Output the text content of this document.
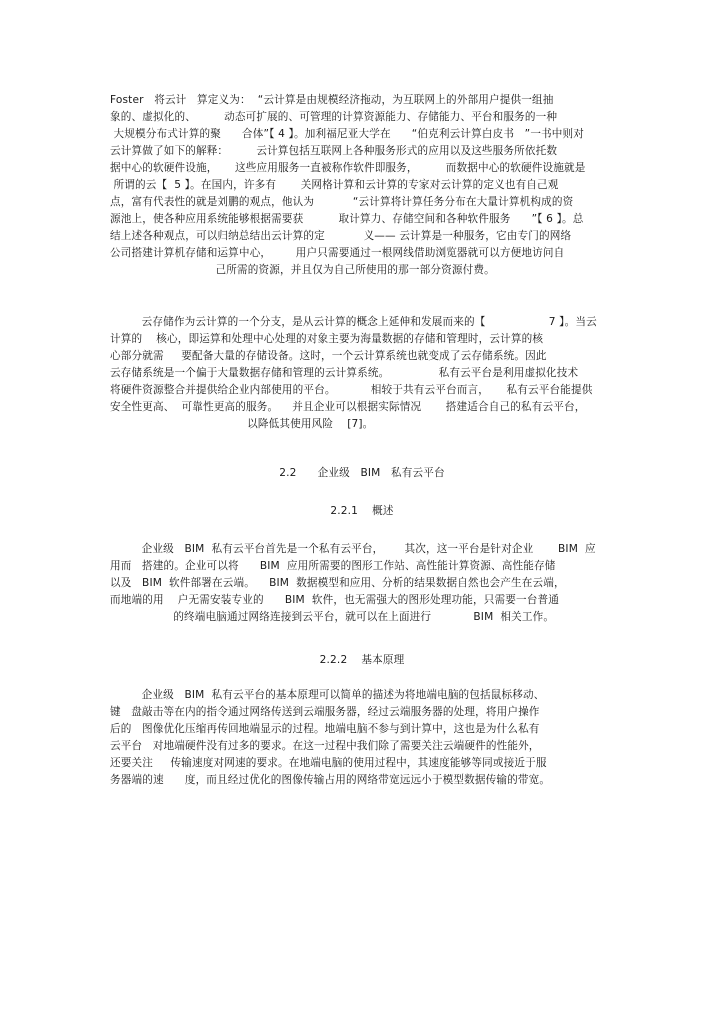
Foster   将云计   算定义为：  “云计算是由规模经济拖动，为互联网上的外部用户提供一组抽
象的、虚拟化的、        动态可扩展的、可管理的计算资源能力、存储能力、平台和服务的一种
大规模分布式计算的聚      合体”【 4 】。加利福尼亚大学在      “伯克利云计算白皮书   ”一书中则对
云计算做了如下的解释：        云计算包括互联网上各种服务形式的应用以及这些服务所依托数
据中心的软硬件设施，     这些应用服务一直被称作软件即服务，        而数据中心的软硬件设施就是
所谓的云【  5 】。在国内，许多有       关网格计算和云计算的专家对云计算的定义也有自己观
点，富有代表性的就是刘鹏的观点，他认为           “云计算将计算任务分布在大量计算机构成的资
源池上，使各种应用系统能够根据需要获          取计算力、存储空间和各种软件服务      ”【 6 】。总
结上述各种观点，可以归纳总结出云计算的定           义—— 云计算是一种服务，它由专门的网络
公司搭建计算机存储和运算中心，       用户只需要通过一根网线借助浏览器就可以方便地访问自
己所需的资源，并且仅为自己所使用的那一部分资源付费。
云存储作为云计算的一个分支，是从云计算的概念上延伸和发展而来的【                  7 】。当云
计算的    核心，即运算和处理中心处理的对象主要为海量数据的存储和管理时，云计算的核
心部分就需     要配备大量的存储设备。这时，一个云计算系统也就变成了云存储系统。因此
云存储系统是一个偏于大量数据存储和管理的云计算系统。              私有云平台是利用虚拟化技术
将硬件资源整合并提供给企业内部使用的平台。          相较于共有云平台而言，     私有云平台能提供
安全性更高、  可靠性更高的服务。    并且企业可以根据实际情况       搭建适合自己的私有云平台，
以降低其使用风险    [7]。
2.2      企业级   BIM   私有云平台
2.2.1    概述
企业级   BIM  私有云平台首先是一个私有云平台，      其次，这一平台是针对企业       BIM  应
用而   搭建的。企业可以将      BIM  应用所需要的图形工作站、高性能计算资源、高性能存储
以及   BIM  软件部署在云端。    BIM  数据模型和应用、分析的结果数据自然也会产生在云端，
而地端的用    户无需安装专业的      BIM  软件，也无需强大的图形处理功能，只需要一台普通
的终端电脑通过网络连接到云平台，就可以在上面进行            BIM  相关工作。
2.2.2    基本原理
企业级   BIM  私有云平台的基本原理可以简单的描述为将地端电脑的包括鼠标移动、
键   盘敲击等在内的指令通过网络传送到云端服务器，经过云端服务器的处理，将用户操作
后的   图像优化压缩再传回地端显示的过程。地端电脑不参与到计算中，这也是为什么私有
云平台   对地端硬件没有过多的要求。在这一过程中我们除了需要关注云端硬件的性能外，
还要关注     传输速度对网速的要求。在地端电脑的使用过程中，其速度能够等同或接近于服
务器端的速      度，而且经过优化的图像传输占用的网络带宽远远小于模型数据传输的带宽。
